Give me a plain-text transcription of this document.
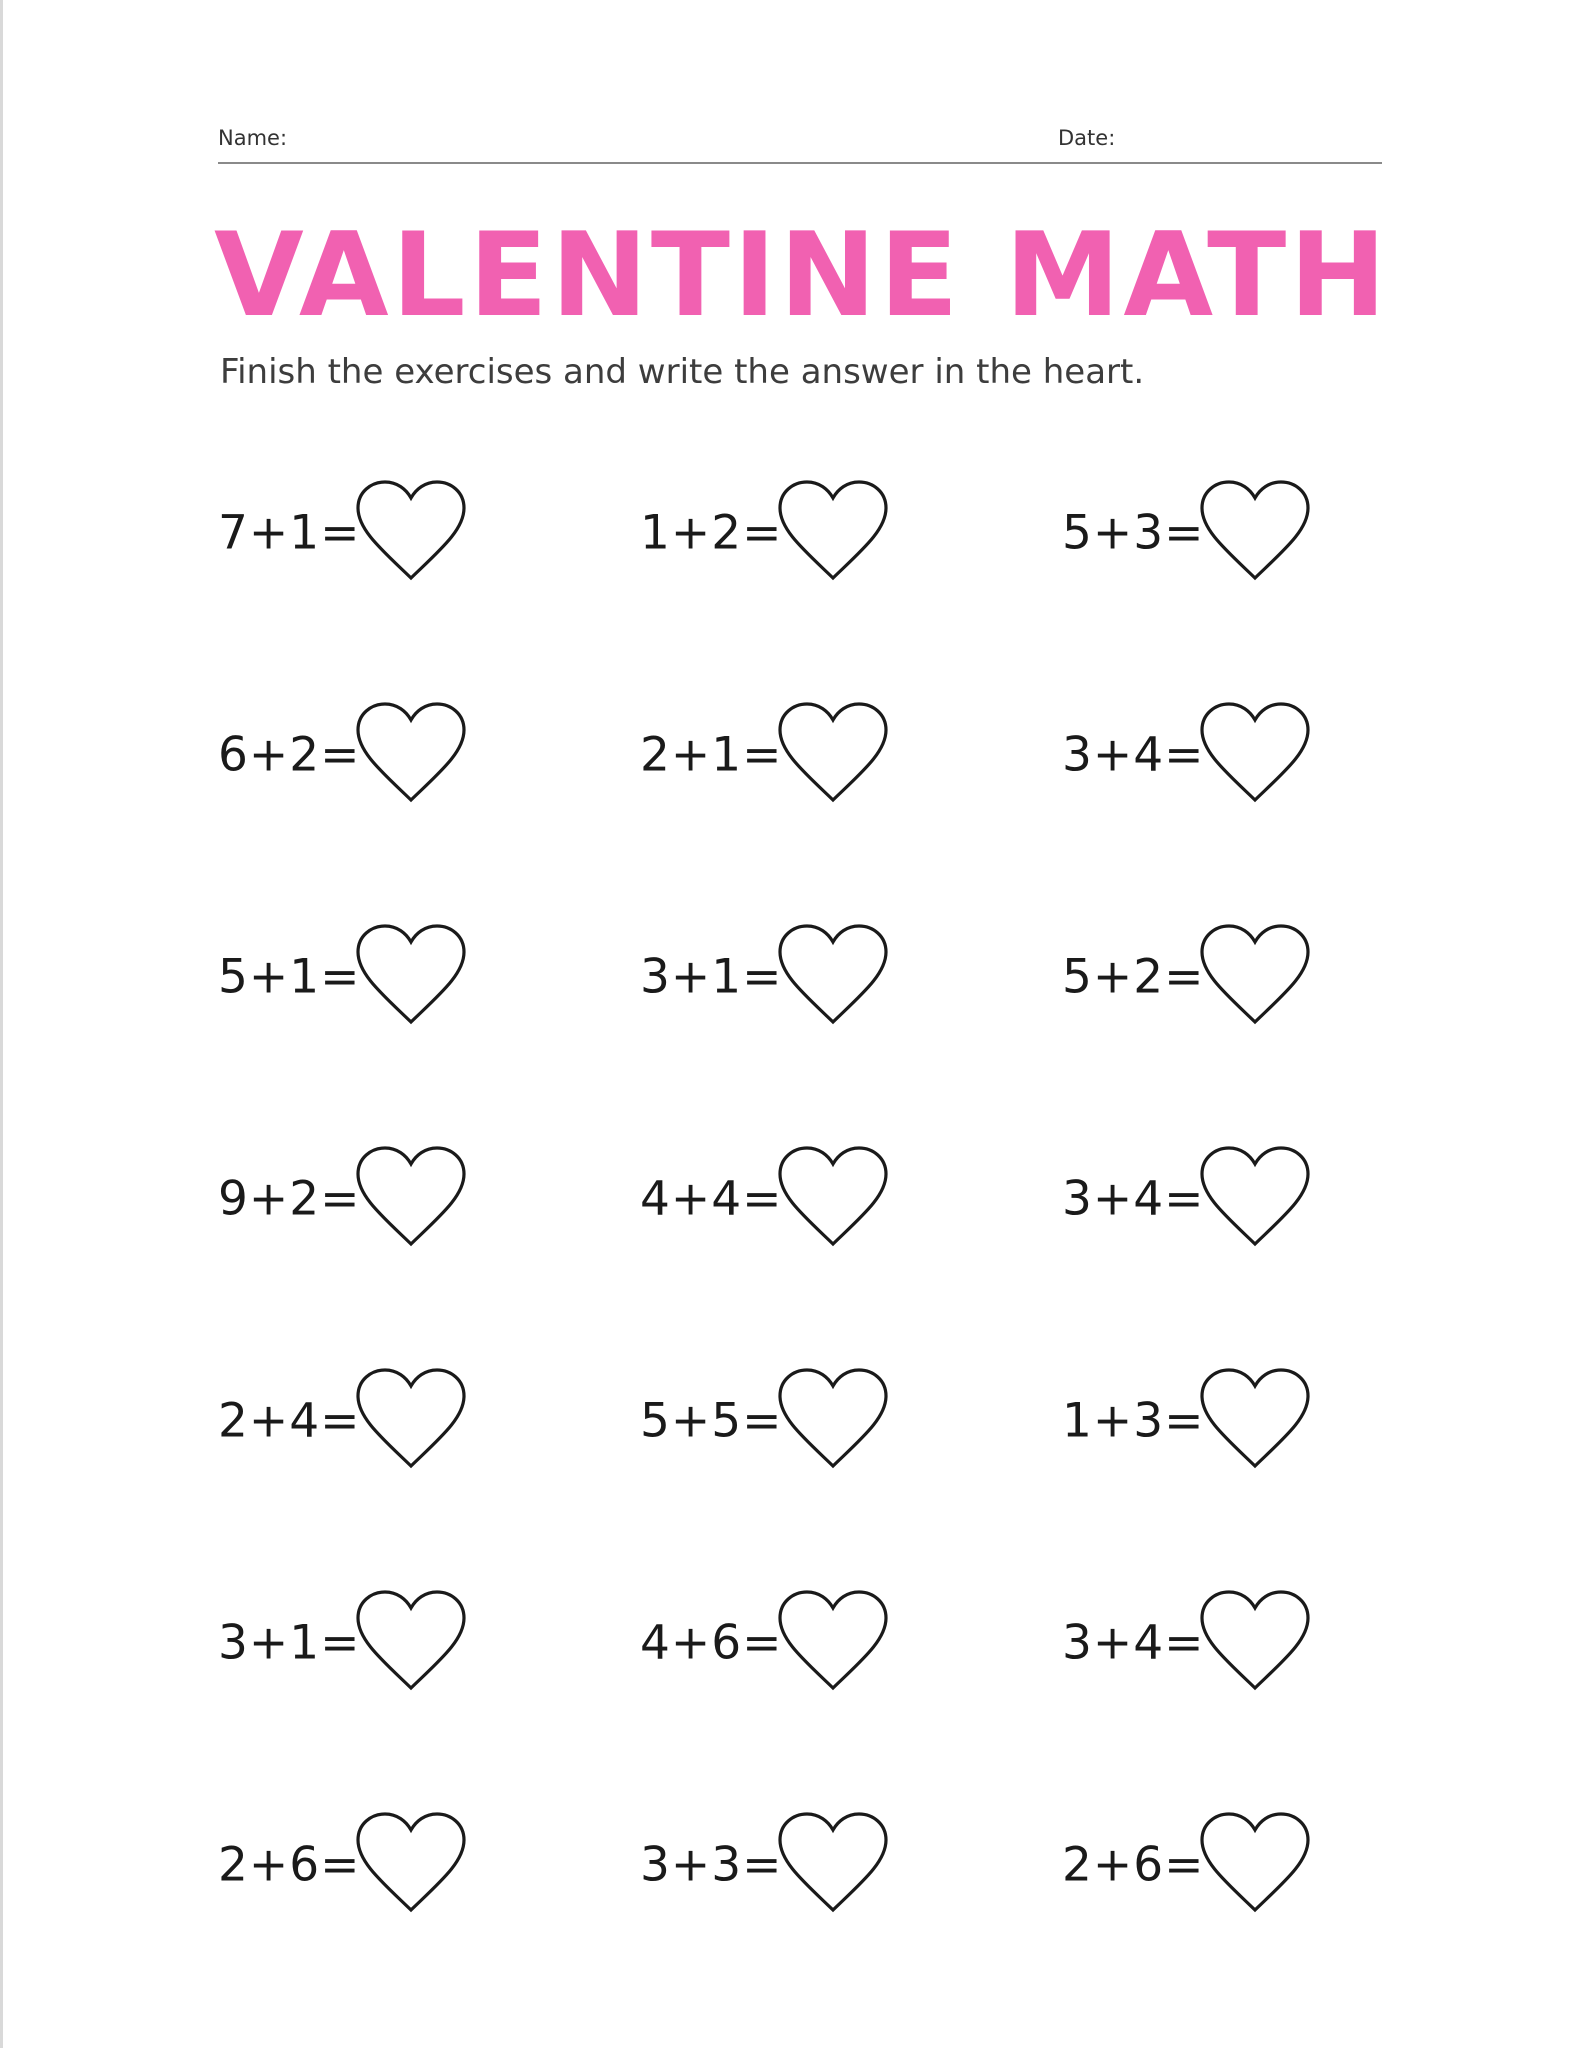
Name:	Date:
VALENTINE MATH

Finish the exercises and write the answer in the heart.

7+1=	1+2=	5+3=
6+2=	2+1=	3+4=
5+1=	3+1=	5+2=
9+2=	4+4=	3+4=
2+4=	5+5=	1+3=
3+1=	4+6=	3+4=
2+6=	3+3=	2+6=
